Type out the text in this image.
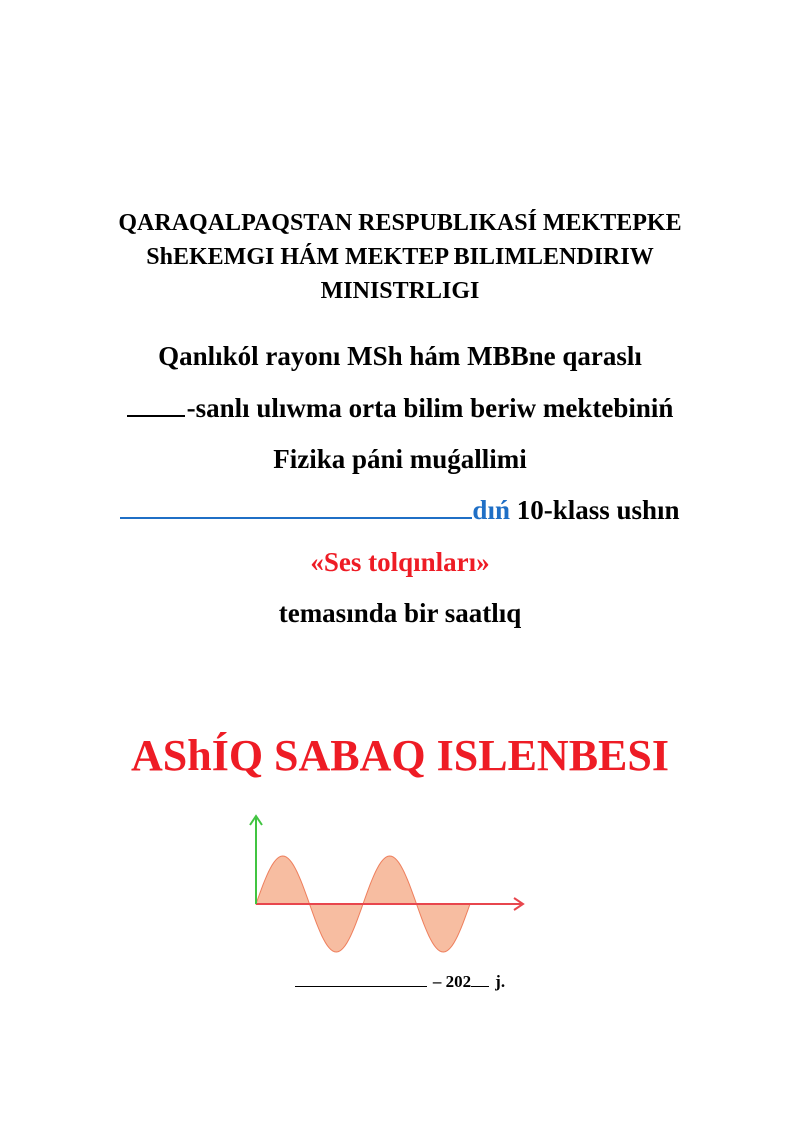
QARAQALPAQSTAN RESPUBLIKASÍ MEKTEPKE
ShEKEMGI HÁM MEKTEP BILIMLENDIRIW
MINISTRLIGI
Qanlıkól rayonı MSh hám MBBne qaraslı
-sanlı ulıwma orta bilim beriw mektebiniń
Fizika páni muǵallimi
dıń 10-klass ushın
«Ses tolqınları»
temasında bir saatlıq
AShÍQ SABAQ ISLENBESI
– 202 j.
